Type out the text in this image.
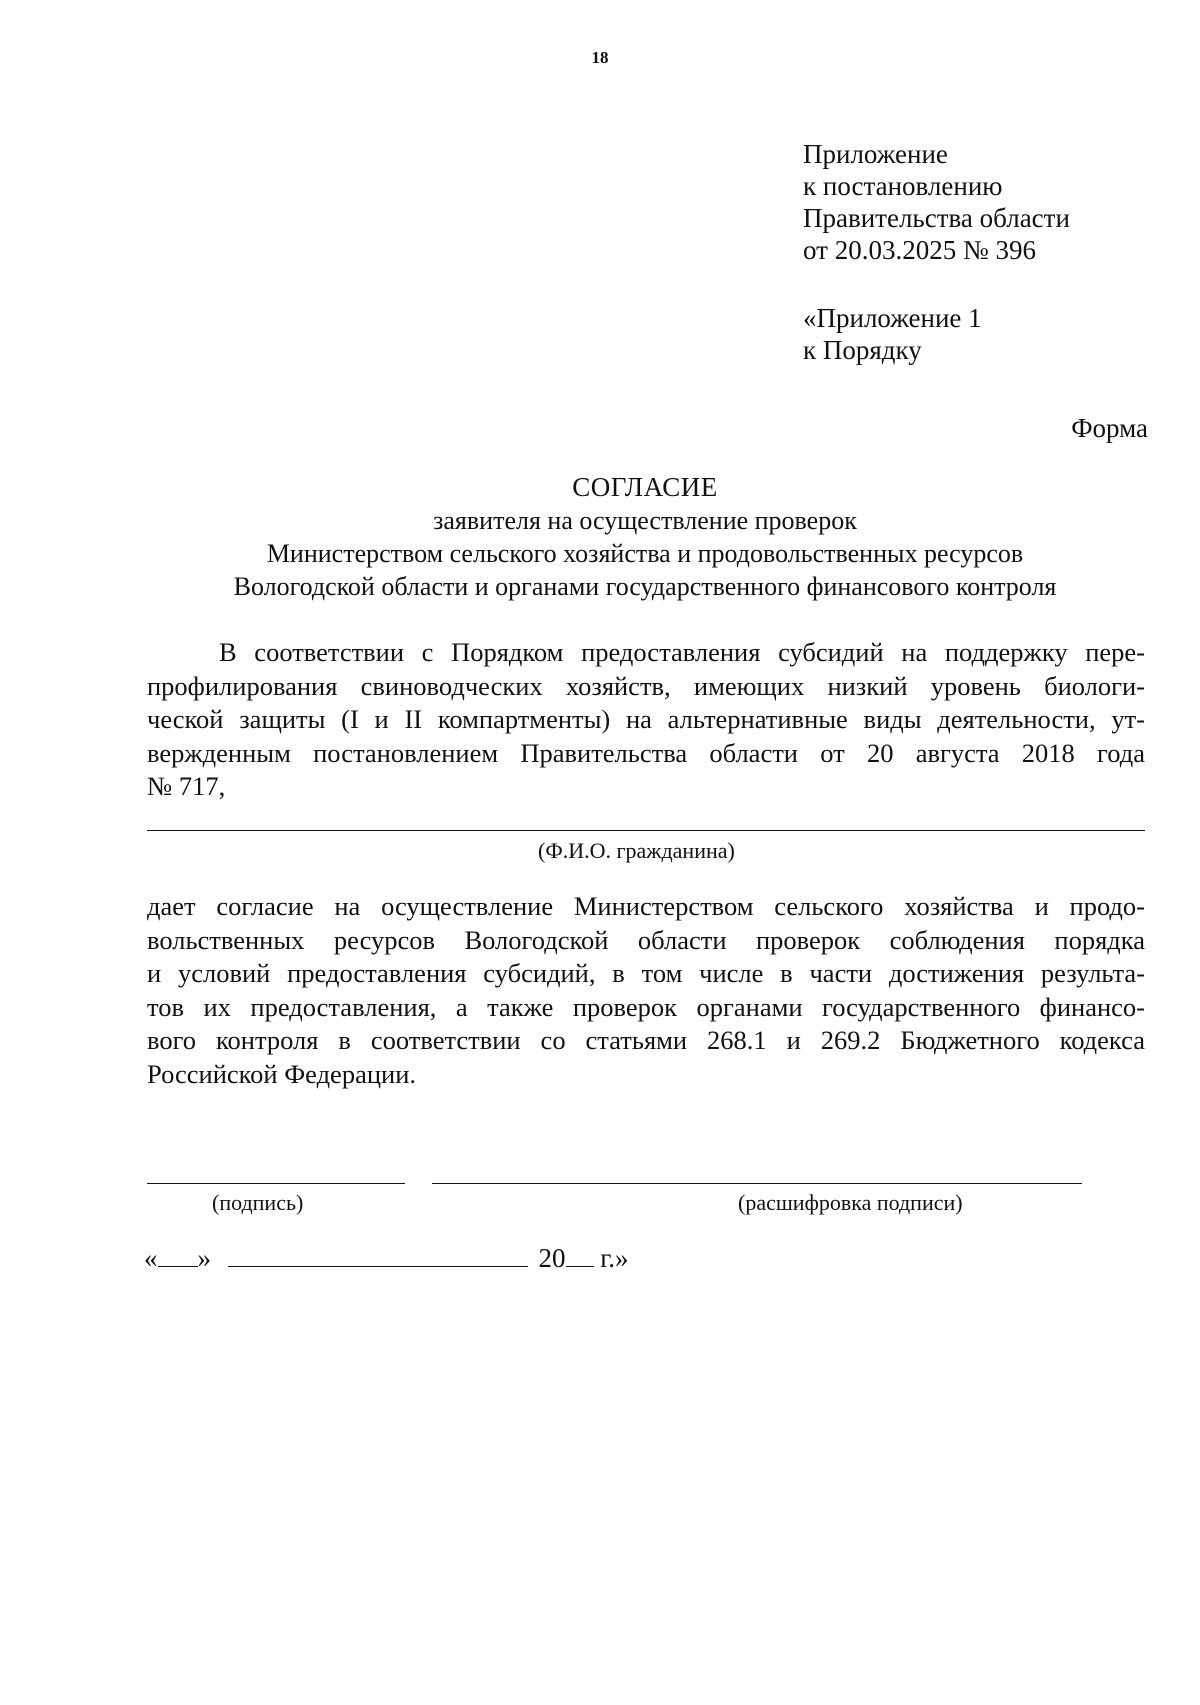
18
Приложение
к постановлению
Правительства области
от 20.03.2025 № 396
«Приложение 1
к Порядку
Форма
СОГЛАСИЕ
заявителя на осуществление проверок
Министерством сельского хозяйства и продовольственных ресурсов
Вологодской области и органами государственного финансового контроля
В соответствии с Порядком предоставления субсидий на поддержку пере-
профилирования свиноводческих хозяйств, имеющих низкий уровень биологи-
ческой защиты (I и II компартменты) на альтернативные виды деятельности, ут-
вержденным постановлением Правительства области от 20 августа 2018 года
№ 717,
(Ф.И.О. гражданина)
дает согласие на осуществление Министерством сельского хозяйства и продо-
вольственных ресурсов Вологодской области проверок соблюдения порядка
и условий предоставления субсидий, в том числе в части достижения результа-
тов их предоставления, а также проверок органами государственного финансо-
вого контроля в соответствии со статьями 268.1 и 269.2 Бюджетного кодекса
Российской Федерации.
(подпись)	(расшифровка подписи)
« »	20 г.»
